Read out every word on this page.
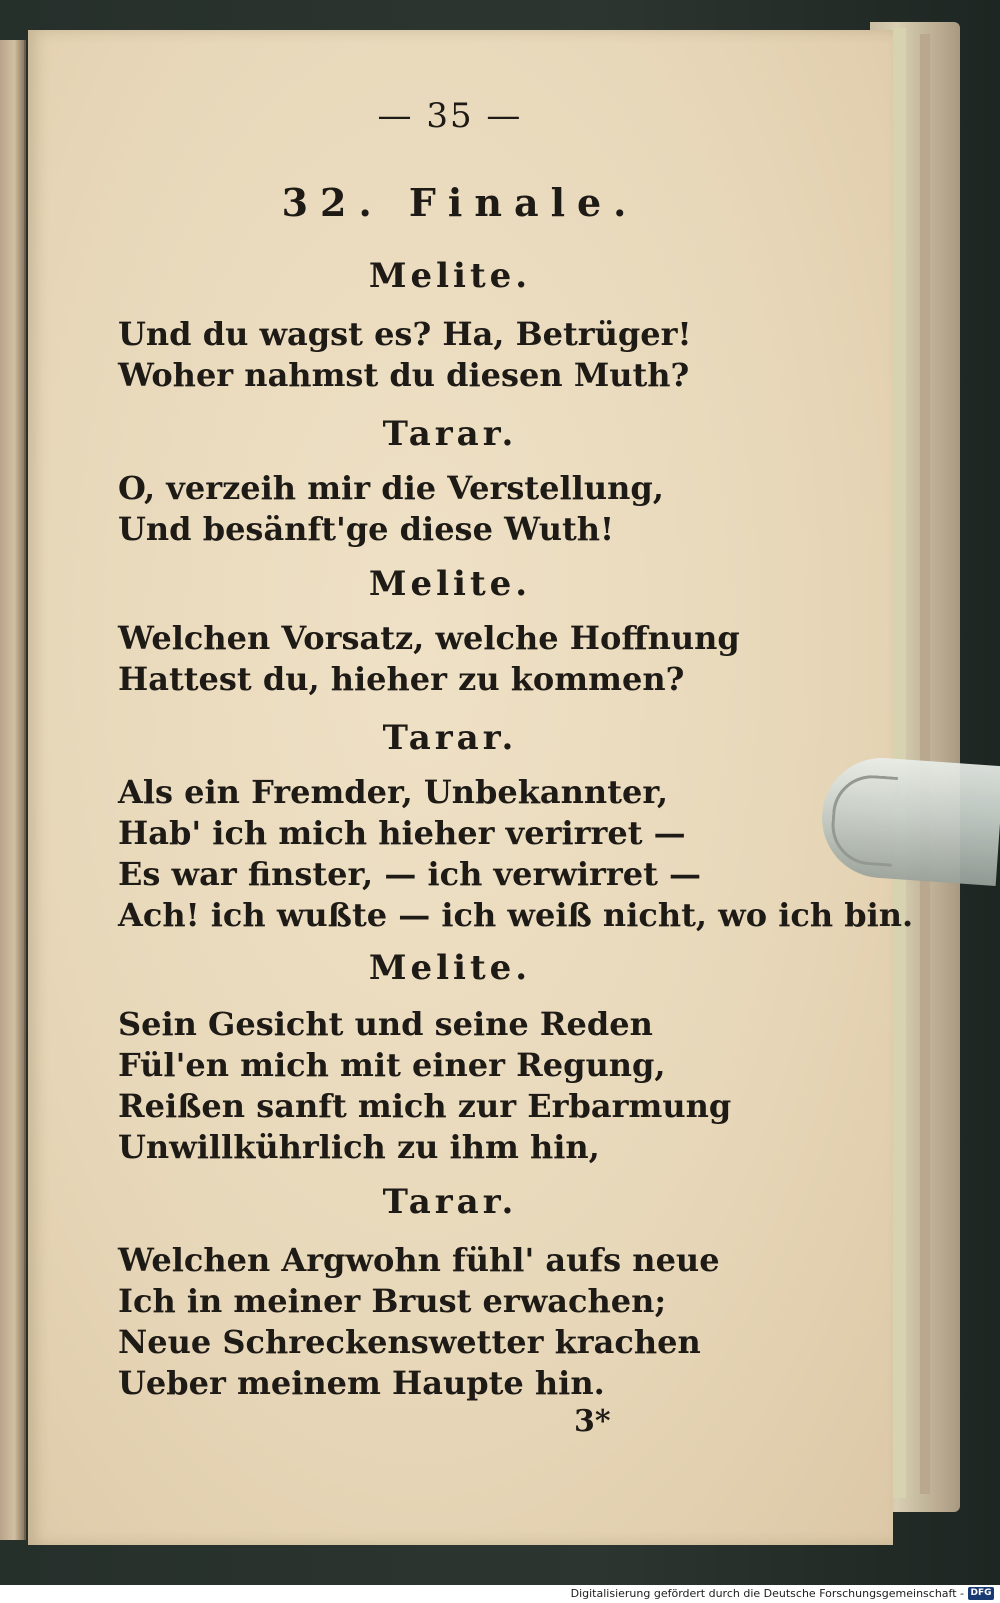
— 35 —
32. Finale.
Melite.
Und du wagst es? Ha, Betrüger!
Woher nahmst du diesen Muth?
Tarar.
O, verzeih mir die Verstellung,
Und besänft'ge diese Wuth!
Melite.
Welchen Vorsatz, welche Hoffnung
Hattest du, hieher zu kommen?
Tarar.
Als ein Fremder, Unbekannter,
Hab' ich mich hieher verirret —
Es war finster, — ich verwirret —
Ach! ich wußte — ich weiß nicht, wo ich bin.
Melite.
Sein Gesicht und seine Reden
Fül'en mich mit einer Regung,
Reißen sanft mich zur Erbarmung
Unwillkührlich zu ihm hin,
Tarar.
Welchen Argwohn fühl' aufs neue
Ich in meiner Brust erwachen;
Neue Schreckenswetter krachen
Ueber meinem Haupte hin.
3*
Digitalisierung gefördert durch die Deutsche Forschungsgemeinschaft - DFG
